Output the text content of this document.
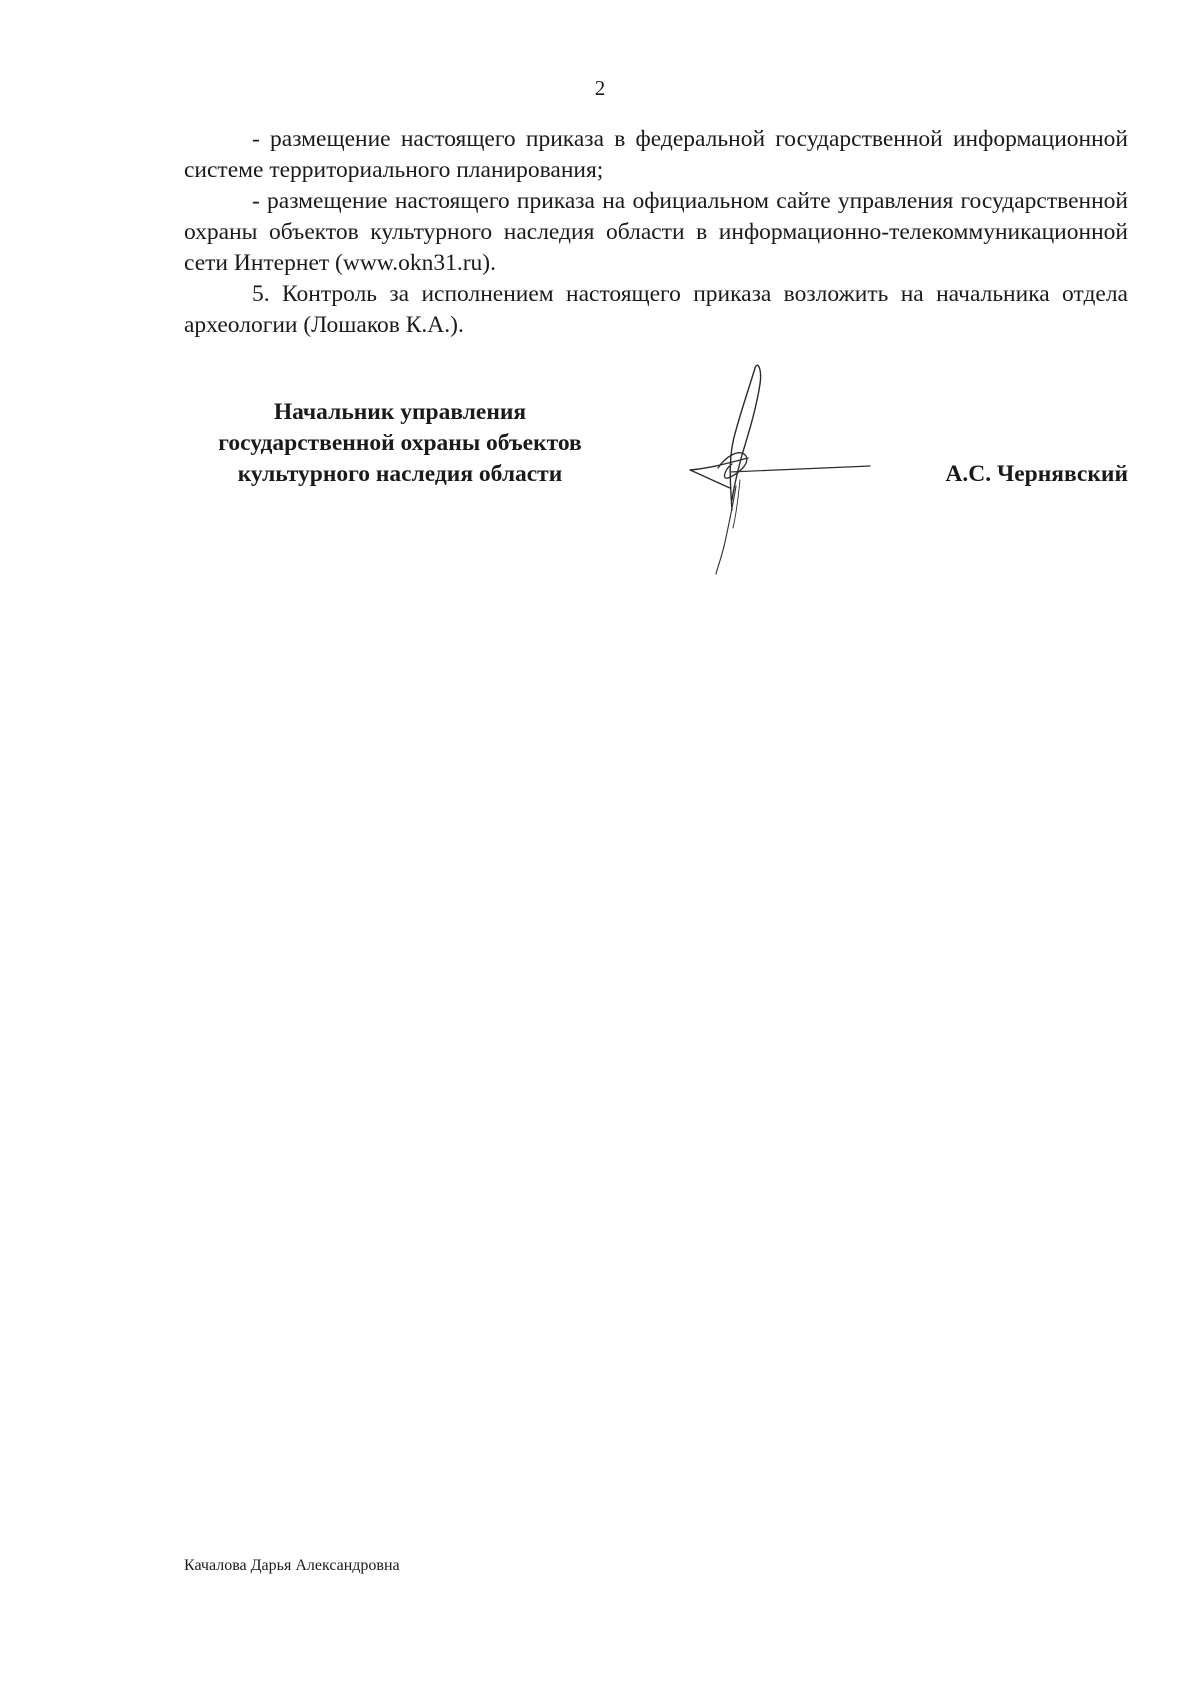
2

- размещение настоящего приказа в федеральной государственной информационной системе территориального планирования;

- размещение настоящего приказа на официальном сайте управления государственной охраны объектов культурного наследия области в информационно-телекоммуникационной сети Интернет (www.okn31.ru).

5. Контроль за исполнением настоящего приказа возложить на начальника отдела археологии (Лошаков К.А.).

Начальник управления
государственной охраны объектов
культурного наследия области	А.С. Чернявский
Качалова Дарья Александровна
